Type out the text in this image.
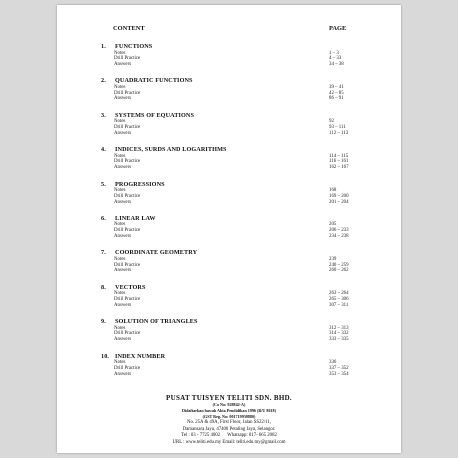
CONTENT	PAGE
1. FUNCTIONS
Notes	1 – 3
Drill Practice	4 – 33
Answers	34 – 38
2. QUADRATIC FUNCTIONS
Notes	39 – 41
Drill Practice	42 – 85
Answers	86 – 91
3. SYSTEMS OF EQUATIONS
Notes	92
Drill Practice	93 – 111
Answers	112 – 113
4. INDICES, SURDS AND LOGARITHMS
Notes	114 – 115
Drill Practice	116 – 161
Answers	162 – 167
5. PROGRESSIONS
Notes	168
Drill Practice	169 – 200
Answers	201 – 204
6. LINEAR LAW
Notes	205
Drill Practice	206 – 233
Answers	234 – 238
7. COORDINATE GEOMETRY
Notes	239
Drill Practice	240 – 259
Answers	260 – 262
8. VECTORS
Notes	263 – 264
Drill Practice	265 – 306
Answers	307 – 311
9. SOLUTION OF TRIANGLES
Notes	312 – 313
Drill Practice	314 – 332
Answers	333 – 335
10. INDEX NUMBER
Notes	336
Drill Practice	337 – 352
Answers	353 – 354
PUSAT TUISYEN TELITI SDN. BHD.
(Co No: 928842-A)
Didaftarkan bawah Akta Pendidikan 1996 (R/U 8618)
(GST Reg. No: 001719930880)
No. 25A & 49A, First Floor, Jalan SS22/11,
Damansara Jaya, 47400 Petaling Jaya, Selangor.
Tel : 03 - 7725 4002 Whatsapp: 017- 665 2082
URL : www.teliti.edu.my Email: teliti.edu.my@gmail.com
